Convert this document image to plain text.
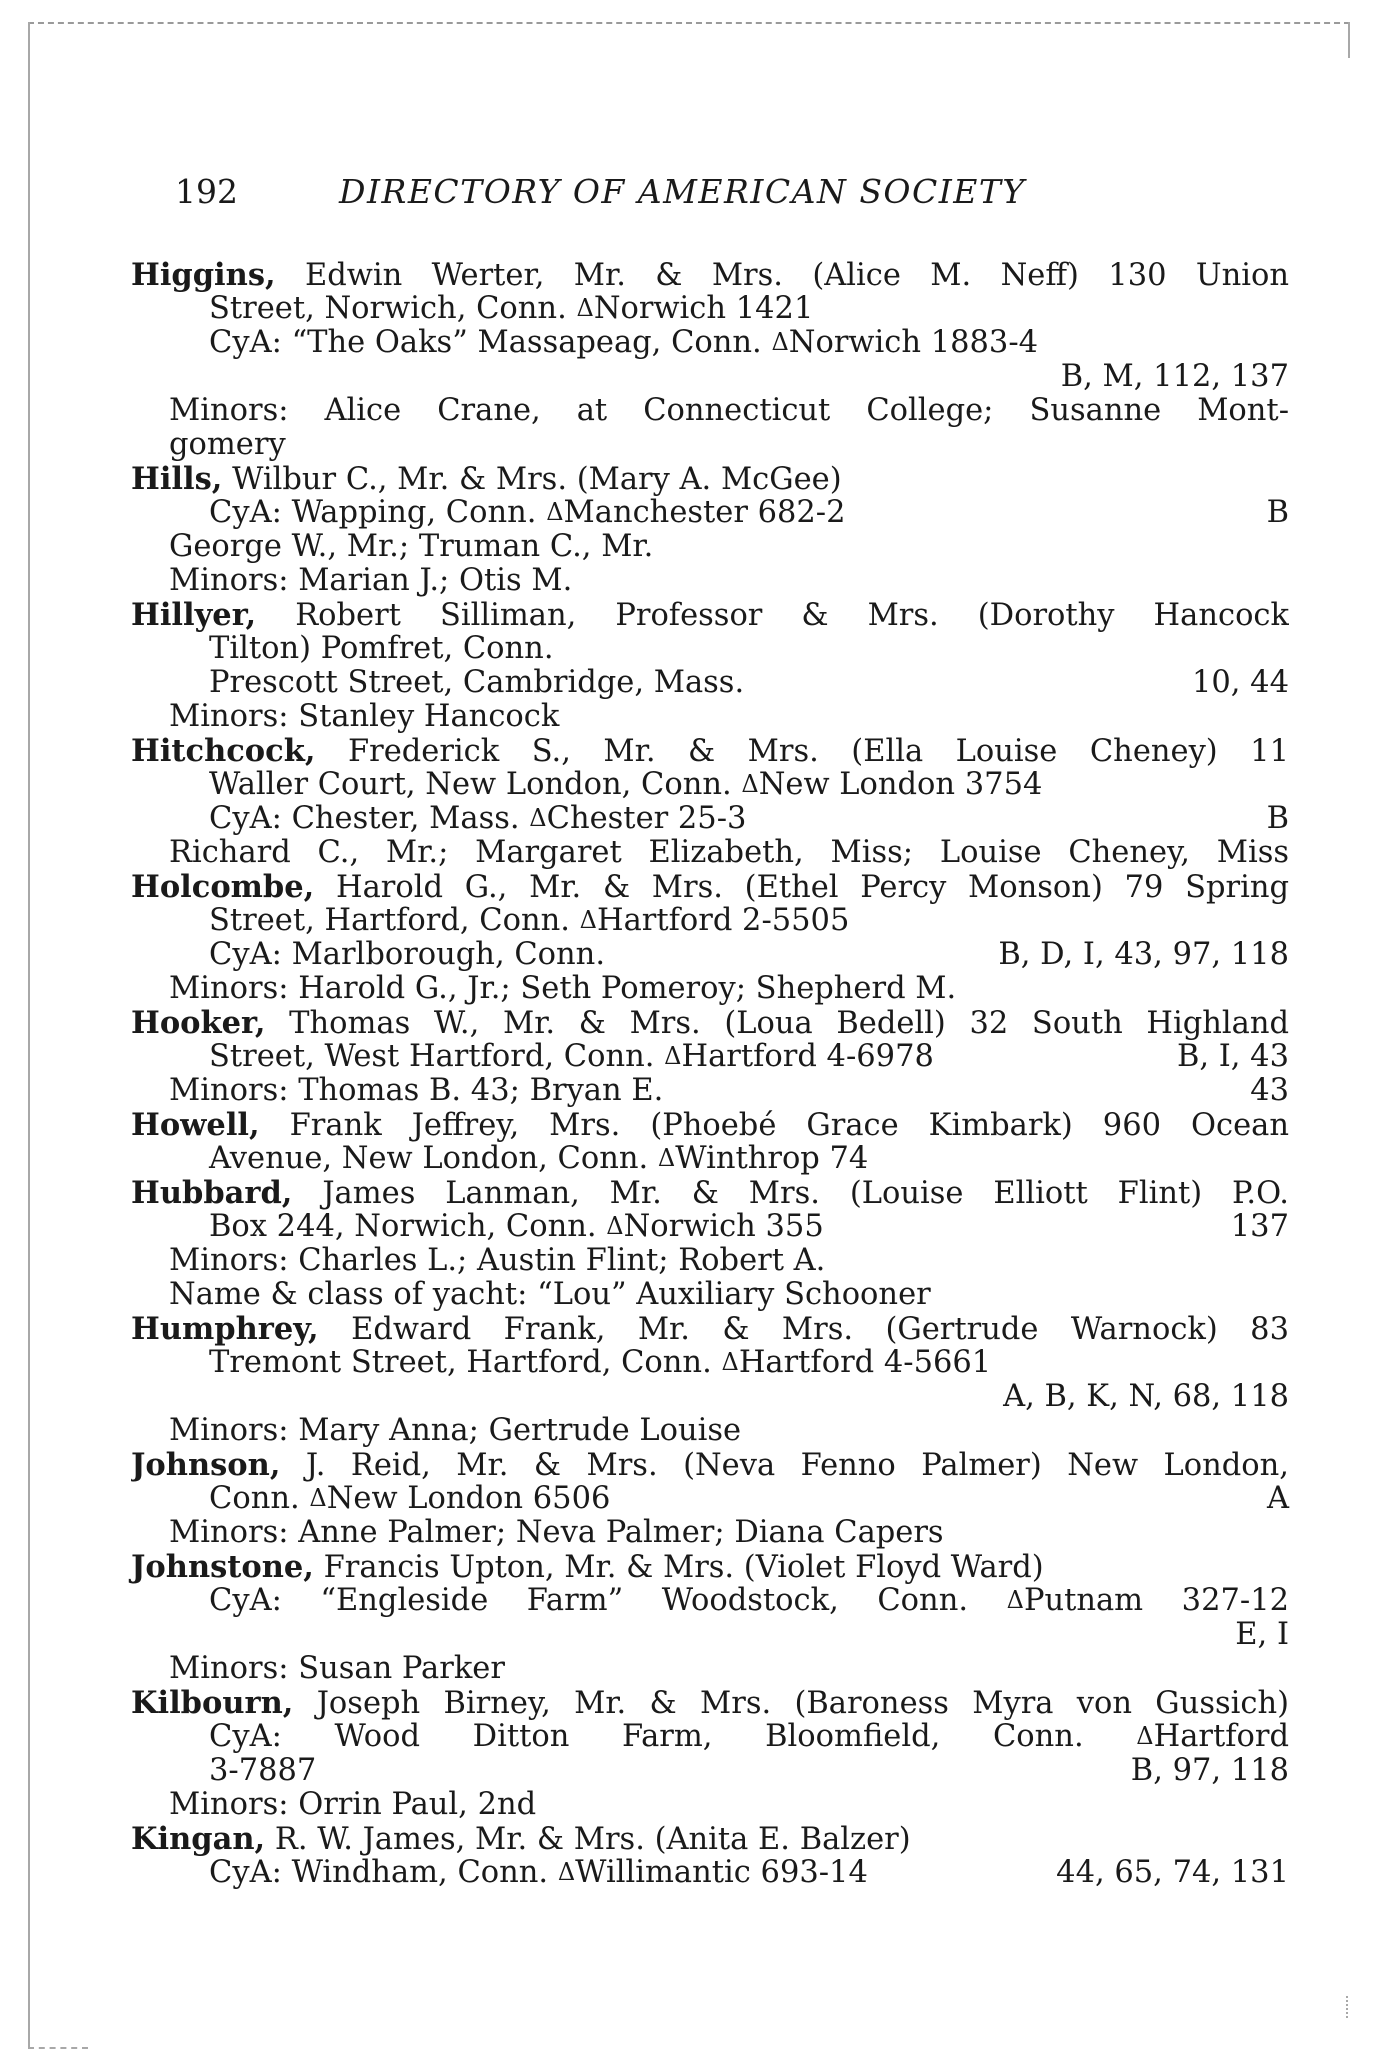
192	DIRECTORY OF AMERICAN SOCIETY
Higgins, Edwin Werter, Mr. & Mrs. (Alice M. Neff) 130 Union
Street, Norwich, Conn. ΔNorwich 1421
CyA: “The Oaks” Massapeag, Conn. ΔNorwich 1883-4
B, M, 112, 137
Minors: Alice Crane, at Connecticut College; Susanne Mont-
gomery
Hills, Wilbur C., Mr. & Mrs. (Mary A. McGee)
CyA: Wapping, Conn. ΔManchester 682-2	B
George W., Mr.; Truman C., Mr.
Minors: Marian J.; Otis M.
Hillyer, Robert Silliman, Professor & Mrs. (Dorothy Hancock
Tilton) Pomfret, Conn.
Prescott Street, Cambridge, Mass.	10, 44
Minors: Stanley Hancock
Hitchcock, Frederick S., Mr. & Mrs. (Ella Louise Cheney) 11
Waller Court, New London, Conn. ΔNew London 3754
CyA: Chester, Mass. ΔChester 25-3	B
Richard C., Mr.; Margaret Elizabeth, Miss; Louise Cheney, Miss
Holcombe, Harold G., Mr. & Mrs. (Ethel Percy Monson) 79 Spring
Street, Hartford, Conn. ΔHartford 2-5505
CyA: Marlborough, Conn.	B, D, I, 43, 97, 118
Minors: Harold G., Jr.; Seth Pomeroy; Shepherd M.
Hooker, Thomas W., Mr. & Mrs. (Loua Bedell) 32 South Highland
Street, West Hartford, Conn. ΔHartford 4-6978	B, I, 43
Minors: Thomas B. 43; Bryan E.	43
Howell, Frank Jeffrey, Mrs. (Phoebé Grace Kimbark) 960 Ocean
Avenue, New London, Conn. ΔWinthrop 74
Hubbard, James Lanman, Mr. & Mrs. (Louise Elliott Flint) P.O.
Box 244, Norwich, Conn. ΔNorwich 355	137
Minors: Charles L.; Austin Flint; Robert A.
Name & class of yacht: “Lou” Auxiliary Schooner
Humphrey, Edward Frank, Mr. & Mrs. (Gertrude Warnock) 83
Tremont Street, Hartford, Conn. ΔHartford 4-5661
A, B, K, N, 68, 118
Minors: Mary Anna; Gertrude Louise
Johnson, J. Reid, Mr. & Mrs. (Neva Fenno Palmer) New London,
Conn. ΔNew London 6506	A
Minors: Anne Palmer; Neva Palmer; Diana Capers
Johnstone, Francis Upton, Mr. & Mrs. (Violet Floyd Ward)
CyA: “Engleside Farm” Woodstock, Conn. ΔPutnam 327-12
E, I
Minors: Susan Parker
Kilbourn, Joseph Birney, Mr. & Mrs. (Baroness Myra von Gussich)
CyA: Wood Ditton Farm, Bloomfield, Conn. ΔHartford
3-7887	B, 97, 118
Minors: Orrin Paul, 2nd
Kingan, R. W. James, Mr. & Mrs. (Anita E. Balzer)
CyA: Windham, Conn. ΔWillimantic 693-14	44, 65, 74, 131
